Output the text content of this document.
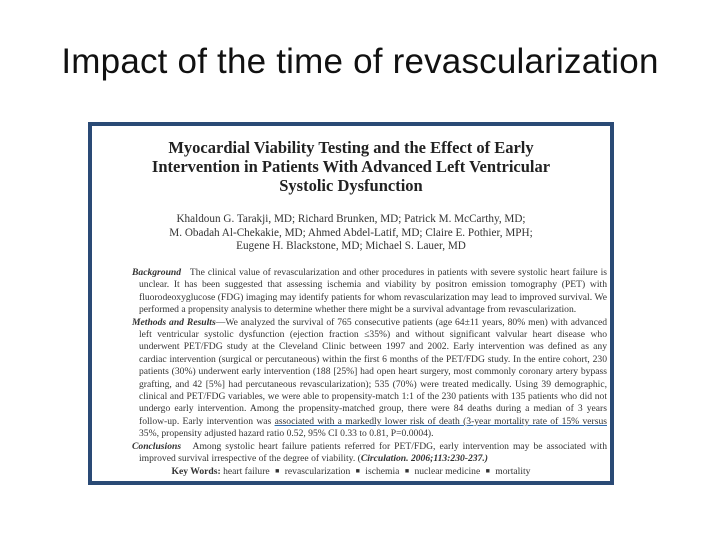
Impact of the time of revascularization
Myocardial Viability Testing and the Effect of Early
Intervention in Patients With Advanced Left Ventricular
Systolic Dysfunction
Khaldoun G. Tarakji, MD; Richard Brunken, MD; Patrick M. McCarthy, MD;
M. Obadah Al-Chekakie, MD; Ahmed Abdel-Latif, MD; Claire E. Pothier, MPH;
Eugene H. Blackstone, MD; Michael S. Lauer, MD

Background The clinical value of revascularization and other procedures in patients with severe systolic heart failure is unclear. It has been suggested that assessing ischemia and viability by positron emission tomography (PET) with fluorodeoxyglucose (FDG) imaging may identify patients for whom revascularization may lead to improved survival. We performed a propensity analysis to determine whether there might be a survival advantage from revascularization.

Methods and Results—We analyzed the survival of 765 consecutive patients (age 64±11 years, 80% men) with advanced left ventricular systolic dysfunction (ejection fraction ≤35%) and without significant valvular heart disease who underwent PET/FDG study at the Cleveland Clinic between 1997 and 2002. Early intervention was defined as any cardiac intervention (surgical or percutaneous) within the first 6 months of the PET/FDG study. In the entire cohort, 230 patients (30%) underwent early intervention (188 [25%] had open heart surgery, most commonly coronary artery bypass grafting, and 42 [5%] had percutaneous revascularization); 535 (70%) were treated medically. Using 39 demographic, clinical and PET/FDG variables, we were able to propensity-match 1:1 of the 230 patients with 135 patients who did not undergo early intervention. Among the propensity-matched group, there were 84 deaths during a median of 3 years follow-up. Early intervention was associated with a markedly lower risk of death (3-year mortality rate of 15% versus 35%, propensity adjusted hazard ratio 0.52, 95% CI 0.33 to 0.81, P=0.0004).

Conclusions Among systolic heart failure patients referred for PET/FDG, early intervention may be associated with improved survival irrespective of the degree of viability. (Circulation. 2006;113:230-237.)

Key Words: heart failure ■ revascularization ■ ischemia ■ nuclear medicine ■ mortality
